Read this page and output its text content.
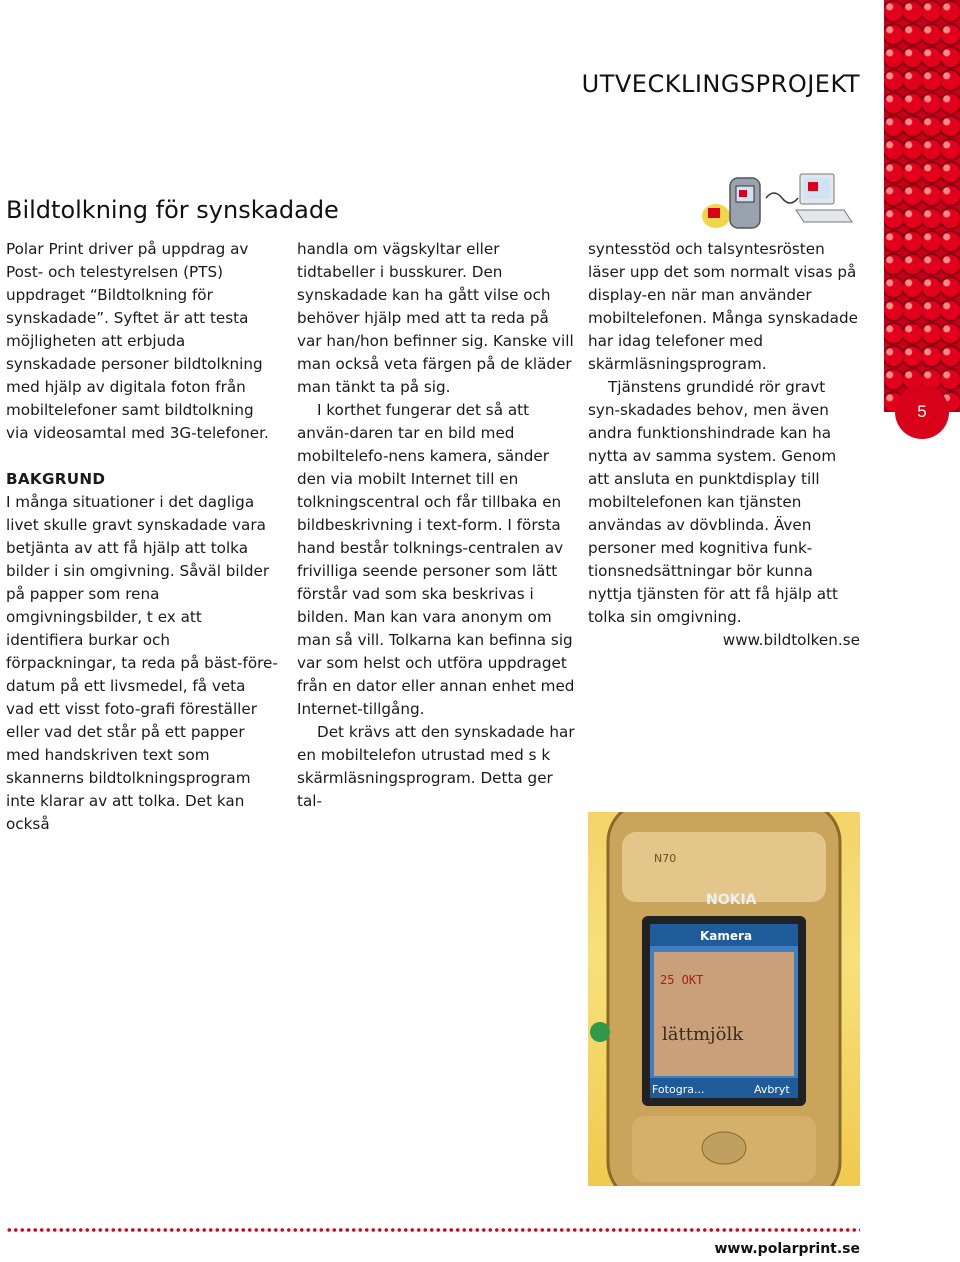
5
UTVECKLINGSPROJEKT
Bildtolkning för synskadade

Polar Print driver på uppdrag av Post- och telestyrelsen (PTS) uppdraget “Bildtolkning för synskadade”. Syftet är att testa möjligheten att erbjuda synskadade personer bildtolkning med hjälp av digitala foton från mobiltelefoner samt bildtolkning via videosamtal med 3G-telefoner.

BAKGRUND

I många situationer i det dagliga livet skulle gravt synskadade vara betjänta av att få hjälp att tolka bilder i sin omgivning. Såväl bilder på papper som rena omgivningsbilder, t ex att identifiera burkar och förpackningar, ta reda på bäst-före-datum på ett livsmedel, få veta vad ett visst foto-grafi föreställer eller vad det står på ett papper med handskriven text som skannerns bildtolkningsprogram inte klarar av att tolka. Det kan också

handla om vägskyltar eller tidtabeller i busskurer. Den synskadade kan ha gått vilse och behöver hjälp med att ta reda på var han/hon befinner sig. Kanske vill man också veta färgen på de kläder man tänkt ta på sig.

I korthet fungerar det så att använ-daren tar en bild med mobiltelefo-nens kamera, sänder den via mobilt Internet till en tolkningscentral och får tillbaka en bildbeskrivning i text-form. I första hand består tolknings-centralen av frivilliga seende personer som lätt förstår vad som ska beskrivas i bilden. Man kan vara anonym om man så vill. Tolkarna kan befinna sig var som helst och utföra uppdraget från en dator eller annan enhet med Internet-tillgång.

Det krävs att den synskadade har en mobiltelefon utrustad med s k skärmläsningsprogram. Detta ger tal-

syntesstöd och talsyntesrösten läser upp det som normalt visas på display-en när man använder mobiltelefonen. Många synskadade har idag telefoner med skärmläsningsprogram.

Tjänstens grundidé rör gravt syn-skadades behov, men även andra funktionshindrade kan ha nytta av samma system. Genom att ansluta en punktdisplay till mobiltelefonen kan tjänsten användas av dövblinda. Även personer med kognitiva funk-tionsnedsättningar bör kunna nyttja tjänsten för att få hjälp att tolka sin omgivning.

www.bildtolken.se

N70
NOKIA
Kamera
25 OKT
lättmjölk
Fotogra...	Avbryt
www.polarprint.se
